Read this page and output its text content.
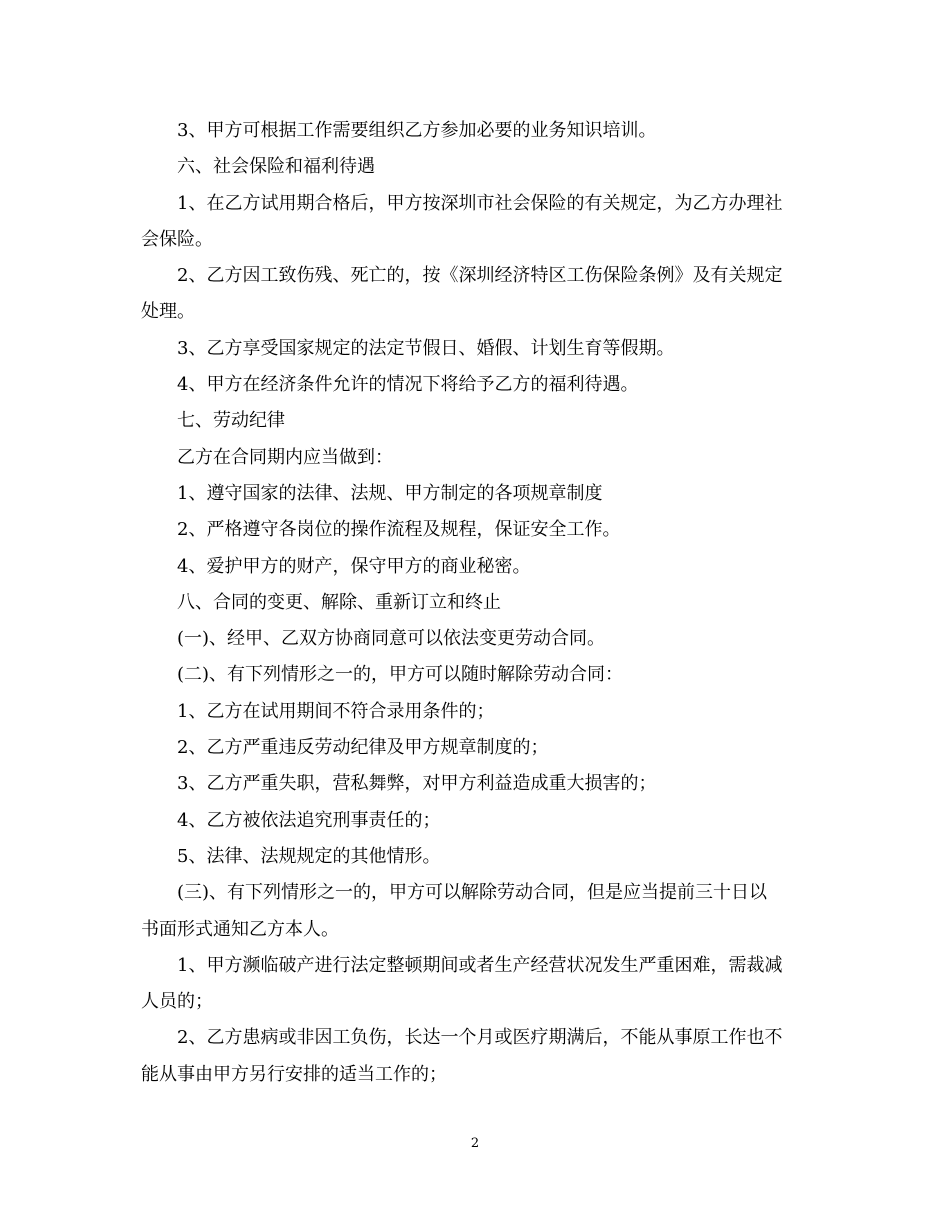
3、甲方可根据工作需要组织乙方参加必要的业务知识培训。

六、社会保险和福利待遇

1、在乙方试用期合格后，甲方按深圳市社会保险的有关规定，为乙方办理社

会保险。

2、乙方因工致伤残、死亡的，按《深圳经济特区工伤保险条例》及有关规定

处理。

3、乙方享受国家规定的法定节假日、婚假、计划生育等假期。

4、甲方在经济条件允许的情况下将给予乙方的福利待遇。

七、劳动纪律

乙方在合同期内应当做到：

1、遵守国家的法律、法规、甲方制定的各项规章制度

2、严格遵守各岗位的操作流程及规程，保证安全工作。

4、爱护甲方的财产，保守甲方的商业秘密。

八、合同的变更、解除、重新订立和终止

(一)、经甲、乙双方协商同意可以依法变更劳动合同。

(二)、有下列情形之一的，甲方可以随时解除劳动合同：

1、乙方在试用期间不符合录用条件的；

2、乙方严重违反劳动纪律及甲方规章制度的；

3、乙方严重失职，营私舞弊，对甲方利益造成重大损害的；

4、乙方被依法追究刑事责任的；

5、法律、法规规定的其他情形。

(三)、有下列情形之一的，甲方可以解除劳动合同，但是应当提前三十日以

书面形式通知乙方本人。

1、甲方濒临破产进行法定整顿期间或者生产经营状况发生严重困难，需裁减

人员的；

2、乙方患病或非因工负伤，长达一个月或医疗期满后，不能从事原工作也不

能从事由甲方另行安排的适当工作的；

2
